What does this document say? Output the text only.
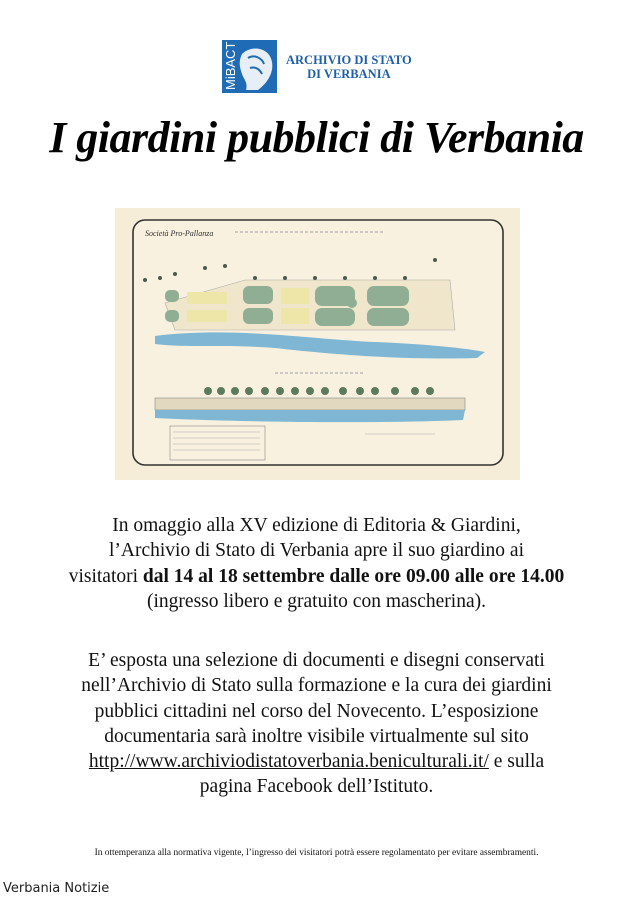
MiBACT	ARCHIVIO DI STATO
DI VERBANIA
I giardini pubblici di Verbania
Società Pro-Pallanza
In omaggio alla XV edizione di Editoria & Giardini,
l’Archivio di Stato di Verbania apre il suo giardino ai
visitatori dal 14 al 18 settembre dalle ore 09.00 alle ore 14.00
(ingresso libero e gratuito con mascherina).
E’ esposta una selezione di documenti e disegni conservati
nell’Archivio di Stato sulla formazione e la cura dei giardini
pubblici cittadini nel corso del Novecento. L’esposizione
documentaria sarà inoltre visibile virtualmente sul sito
http://www.archiviodistatoverbania.beniculturali.it/ e sulla
pagina Facebook dell’Istituto.
In ottemperanza alla normativa vigente, l’ingresso dei visitatori potrà essere regolamentato per evitare assembramenti.
Verbania Notizie
